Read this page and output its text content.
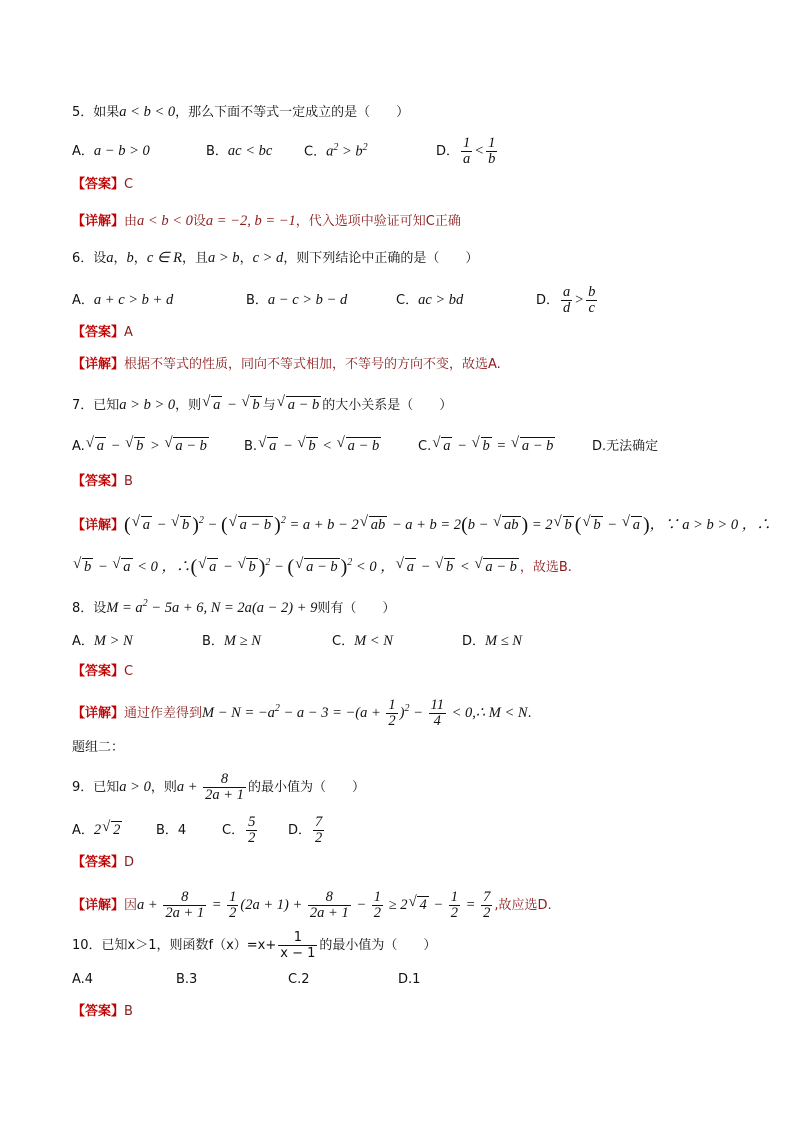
5．如果a < b < 0，那么下面不等式一定成立的是（　　）
A．a − b > 0	B．ac < bc C．$a^2 > b^2$	D． $\frac{1}{a} < \frac{1}{b}$
【答案】C
【详解】由a < b < 0设a = −2, b = −1，代入选项中验证可知C正确
6．设a，b，c ∈ R，且a > b，c > d，则下列结论中正确的是（　　）
A．a + c > b + d	B．a − c > b − d	C．ac > bd	D． $\frac{a}{d} > \frac{b}{c}$
【答案】A
【详解】根据不等式的性质，同向不等式相加，不等号的方向不变，故选A.
7．已知a > b > 0，则√ a − √ b 与√ a − b 的大小关系是（　　）
A.√ a − √ b > √ a − b	B.√ a − √ b < √ a − b	C.√ a − √ b = √ a − b	D.无法确定
【答案】B
【详解】(√ a − √ b )$^2$ − (√ a − b )$^2$ = a + b − 2√ ab − a + b = 2(b − √ ab ) = 2√ b (√ b − √ a )，∵ a > b > 0 ，∴
√ b − √ a < 0 ，∴(√ a − √ b )$^2$ − (√ a − b )$^2$ < 0 ，√ a − √ b < √ a − b ，故选B.
8．设$M = a^2 - 5a + 6$, N = 2a(a − 2) + 9则有（　　）
A．M > N	B．M ≥ N	C．M < N	D．M ≤ N
【答案】C
【详解】通过作差得到$M - N = -a^2 - a - 3 = -(a + \frac{1}{2} )^2 - \frac{11}{4}$ < 0,∴ M < N.
题组二：
9．已知a > 0，则$a + \frac{8}{2a + 1}$ 的最小值为（　　）
A．2√ 2	B．4	C． $\frac{5}{2}$ D． $\frac{7}{2}$
【答案】D
【详解】因$a + \frac{8}{2a + 1} = \frac{1}{2} (2a + 1) + \frac{8}{2a + 1} - \frac{1}{2} \ge 2√$ $4 - \frac{1}{2} = \frac{7}{2}$ ,故应选D.
10．已知x＞1，则函数$f(x)=x+ \frac{1}{x - 1}$ 的最小值为（　　）
A.4	B.3	C.2	D.1
【答案】B
